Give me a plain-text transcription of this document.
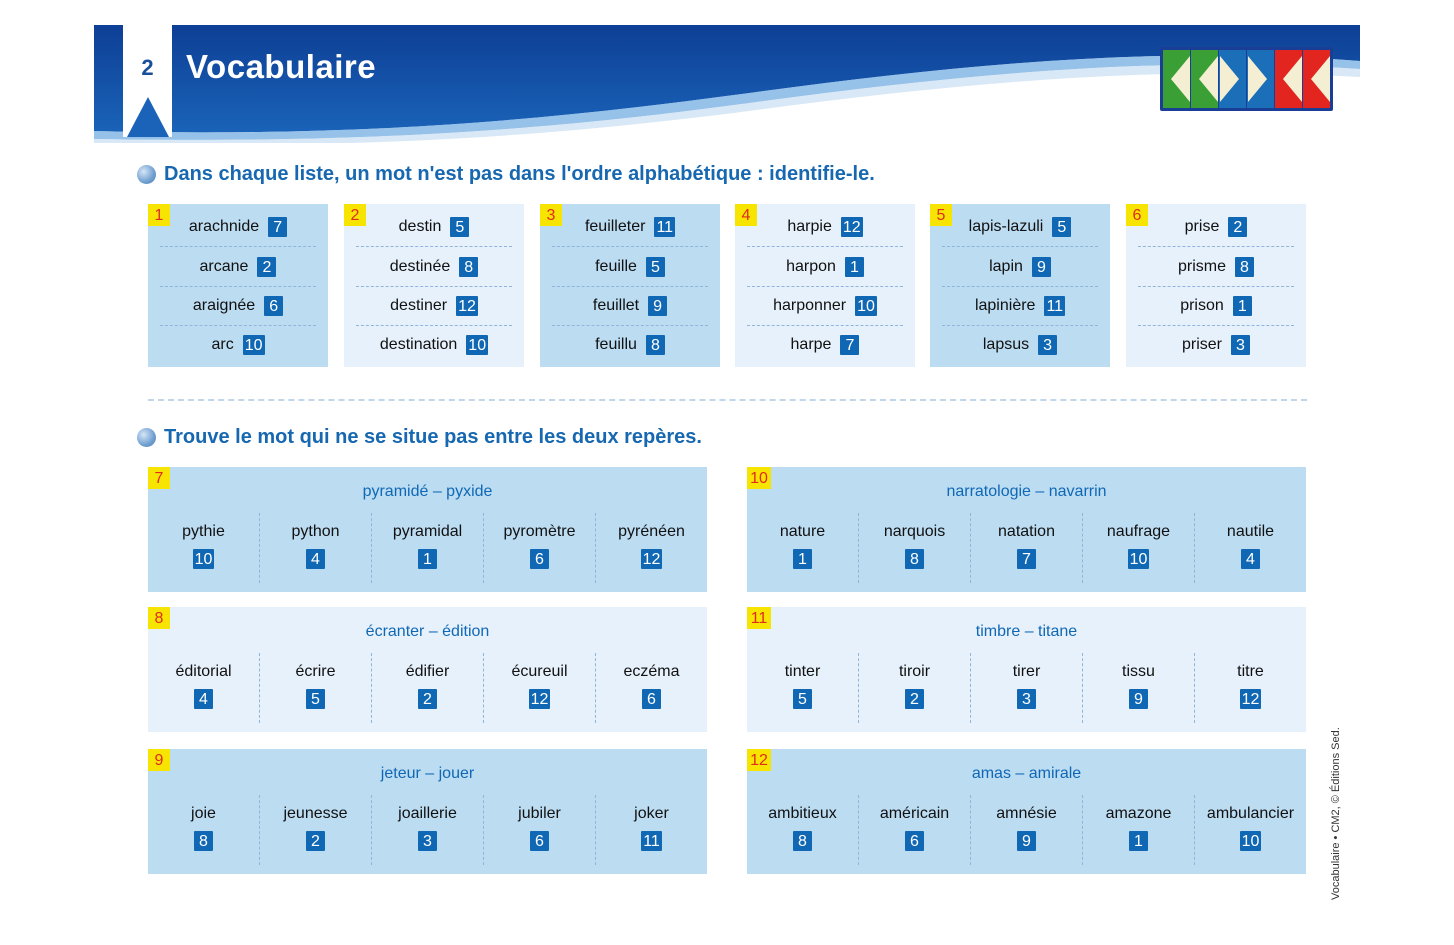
2 Vocabulaire
Dans chaque liste, un mot n'est pas dans l'ordre alphabétique : identifie-le.
1
arachnide 7
arcane 2
araignée 6
arc 10
2
destin 5
destinée 8
destiner 12
destination 10
3
feuilleter 11
feuille 5
feuillet 9
feuillu 8
4
harpie 12
harpon 1
harponner 10
harpe 7
5
lapis-lazuli 5
lapin 9
lapinière 11
lapsus 3
6
prise 2
prisme 8
prison 1
priser 3
Trouve le mot qui ne se situe pas entre les deux repères.
7
pyramidé – pyxide
pythie
10
python
4
pyramidal
1
pyromètre
6
pyrénéen
12
10
narratologie – navarrin
nature
1
narquois
8
natation
7
naufrage
10
nautile
4
8
écranter – édition
éditorial
4
écrire
5
édifier
2
écureuil
12
eczéma
6
11
timbre – titane
tinter
5
tiroir
2
tirer
3
tissu
9
titre
12
9
jeteur – jouer
joie
8
jeunesse
2
joaillerie
3
jubiler
6
joker
11
12
amas – amirale
ambitieux
8
américain
6
amnésie
9
amazone
1
ambulancier
10	Vocabulaire • CM2, © Éditions Sed.
